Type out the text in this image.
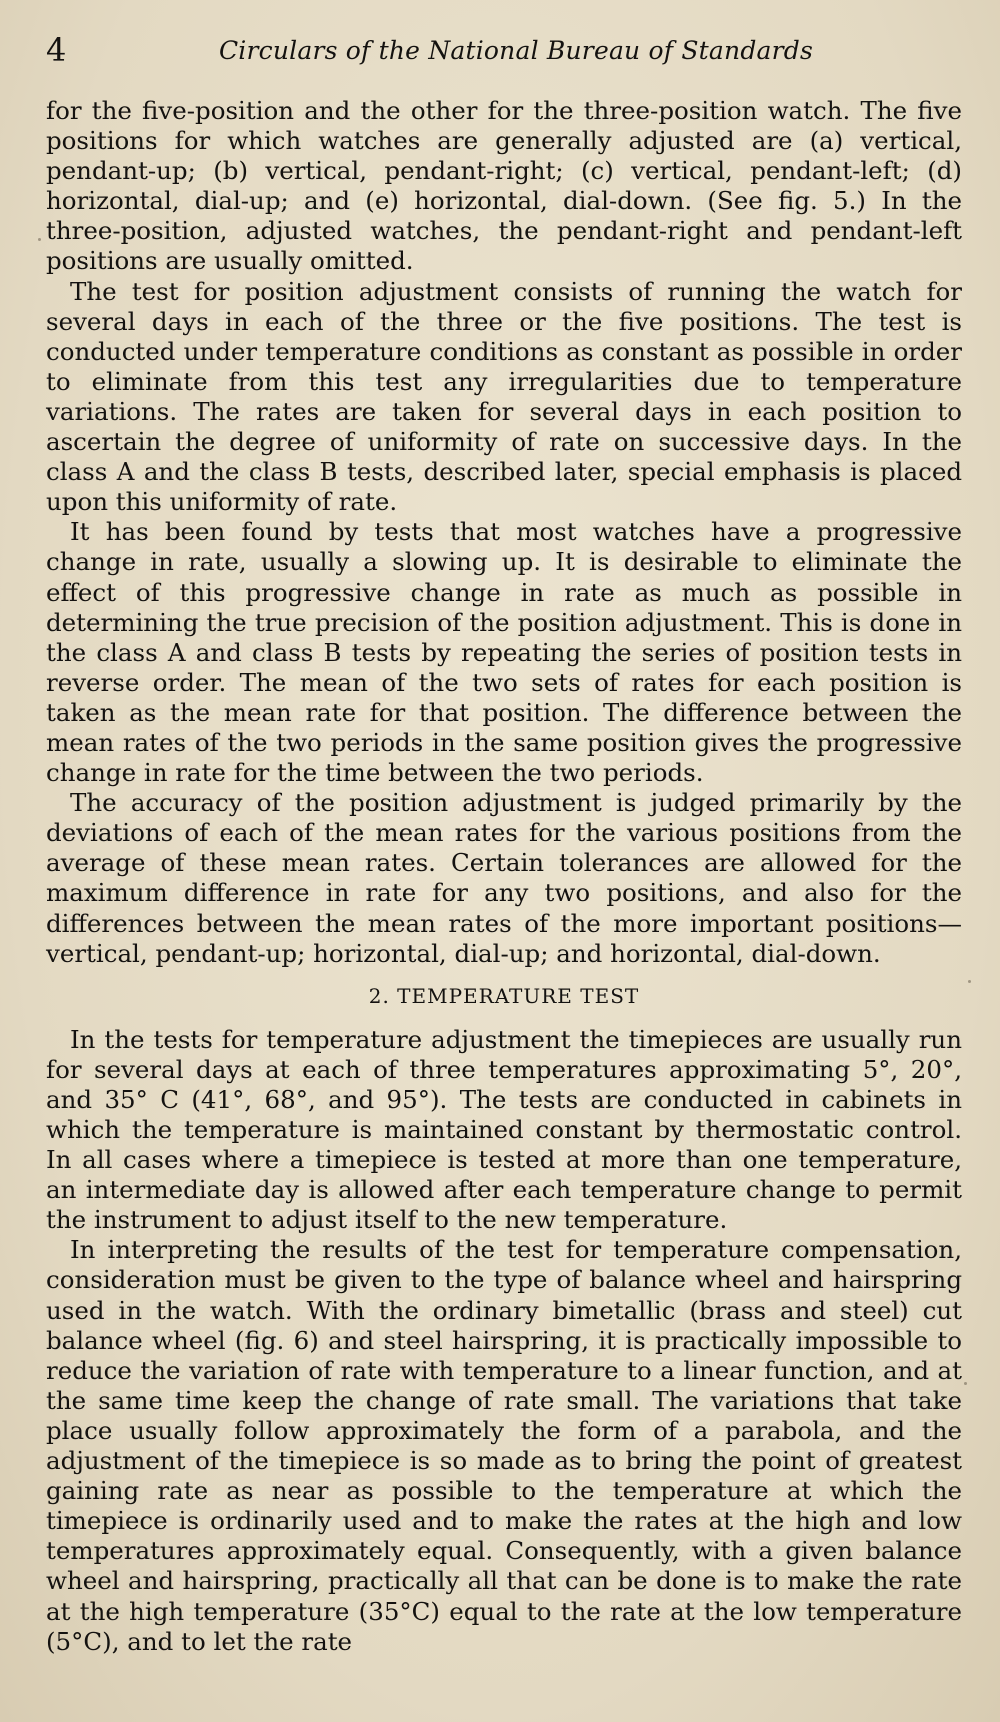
4	Circulars of the National Bureau of Standards

for the five-position and the other for the three-position watch. The five positions for which watches are generally adjusted are (a) vertical, pendant-up; (b) vertical, pendant-right; (c) vertical, pendant-left; (d) horizontal, dial-up; and (e) horizontal, dial-down. (See fig. 5.) In the three-position, adjusted watches, the pendant-right and pendant-left positions are usually omitted.

The test for position adjustment consists of running the watch for several days in each of the three or the five positions. The test is conducted under temperature conditions as constant as possible in order to eliminate from this test any irregularities due to temperature variations. The rates are taken for several days in each position to ascertain the degree of uniformity of rate on successive days. In the class A and the class B tests, described later, special emphasis is placed upon this uniformity of rate.

It has been found by tests that most watches have a progressive change in rate, usually a slowing up. It is desirable to eliminate the effect of this progressive change in rate as much as possible in determining the true precision of the position adjustment. This is done in the class A and class B tests by repeating the series of position tests in reverse order. The mean of the two sets of rates for each position is taken as the mean rate for that position. The difference between the mean rates of the two periods in the same position gives the progressive change in rate for the time between the two periods.

The accuracy of the position adjustment is judged primarily by the deviations of each of the mean rates for the various positions from the average of these mean rates. Certain tolerances are allowed for the maximum difference in rate for any two positions, and also for the differences between the mean rates of the more important positions—vertical, pendant-up; horizontal, dial-up; and horizontal, dial-down.

2. TEMPERATURE TEST

In the tests for temperature adjustment the timepieces are usually run for several days at each of three temperatures approximating 5°, 20°, and 35° C (41°, 68°, and 95°). The tests are conducted in cabinets in which the temperature is maintained constant by thermostatic control. In all cases where a timepiece is tested at more than one temperature, an intermediate day is allowed after each temperature change to permit the instrument to adjust itself to the new temperature.

In interpreting the results of the test for temperature compensation, consideration must be given to the type of balance wheel and hairspring used in the watch. With the ordinary bimetallic (brass and steel) cut balance wheel (fig. 6) and steel hairspring, it is practically impossible to reduce the variation of rate with temperature to a linear function, and at the same time keep the change of rate small. The variations that take place usually follow approximately the form of a parabola, and the adjustment of the timepiece is so made as to bring the point of greatest gaining rate as near as possible to the temperature at which the timepiece is ordinarily used and to make the rates at the high and low temperatures approximately equal. Consequently, with a given balance wheel and hairspring, practically all that can be done is to make the rate at the high temperature (35°C) equal to the rate at the low temperature (5°C), and to let the rate
